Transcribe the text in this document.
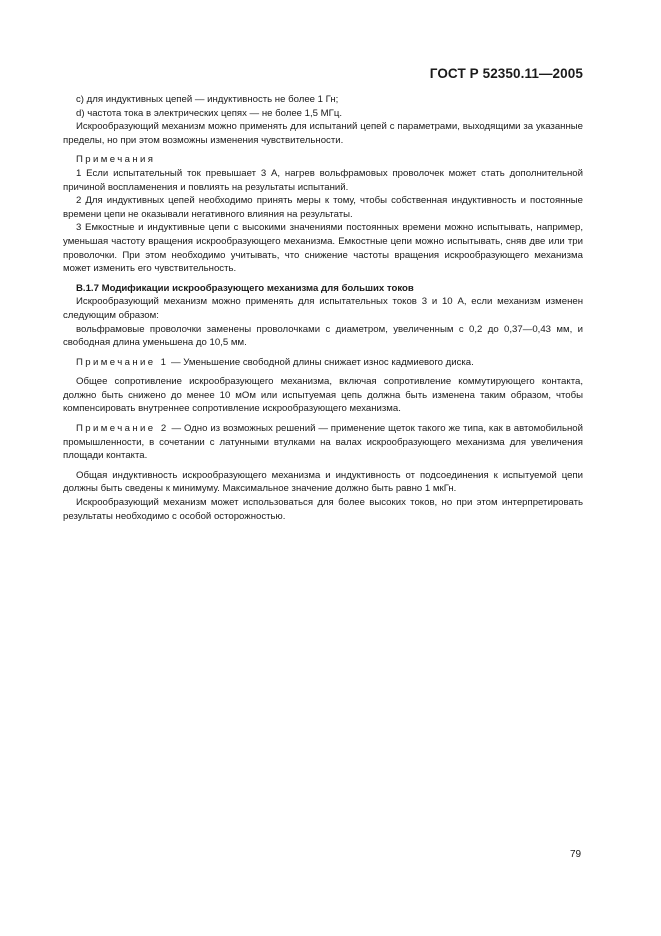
ГОСТ Р 52350.11—2005

c) для индуктивных цепей — индуктивность не более 1 Гн;

d) частота тока в электрических цепях — не более 1,5 МГц.

Искрообразующий механизм можно применять для испытаний цепей с параметрами, выходящими за указанные пределы, но при этом возможны изменения чувствительности.

Примечания

1 Если испытательный ток превышает 3 А, нагрев вольфрамовых проволочек может стать дополнительной причиной воспламенения и повлиять на результаты испытаний.

2 Для индуктивных цепей необходимо принять меры к тому, чтобы собственная индуктивность и постоянные времени цепи не оказывали негативного влияния на результаты.

3 Емкостные и индуктивные цепи с высокими значениями постоянных времени можно испытывать, например, уменьшая частоту вращения искрообразующего механизма. Емкостные цепи можно испытывать, сняв две или три проволочки. При этом необходимо учитывать, что снижение частоты вращения искрообразующего механизма может изменить его чувствительность.

B.1.7 Модификации искрообразующего механизма для больших токов

Искрообразующий механизм можно применять для испытательных токов 3 и 10 А, если механизм изменен следующим образом:

вольфрамовые проволочки заменены проволочками с диаметром, увеличенным с 0,2 до 0,37—0,43 мм, и свободная длина уменьшена до 10,5 мм.

Примечание 1 — Уменьшение свободной длины снижает износ кадмиевого диска.

Общее сопротивление искрообразующего механизма, включая сопротивление коммутирующего контакта, должно быть снижено до менее 10 мОм или испытуемая цепь должна быть изменена таким образом, чтобы компенсировать внутреннее сопротивление искрообразующего механизма.

Примечание 2 — Одно из возможных решений — применение щеток такого же типа, как в автомобильной промышленности, в сочетании с латунными втулками на валах искрообразующего механизма для увеличения площади контакта.

Общая индуктивность искрообразующего механизма и индуктивность от подсоединения к испытуемой цепи должны быть сведены к минимуму. Максимальное значение должно быть равно 1 мкГн.

Искрообразующий механизм может использоваться для более высоких токов, но при этом интерпретировать результаты необходимо с особой осторожностью.

79
